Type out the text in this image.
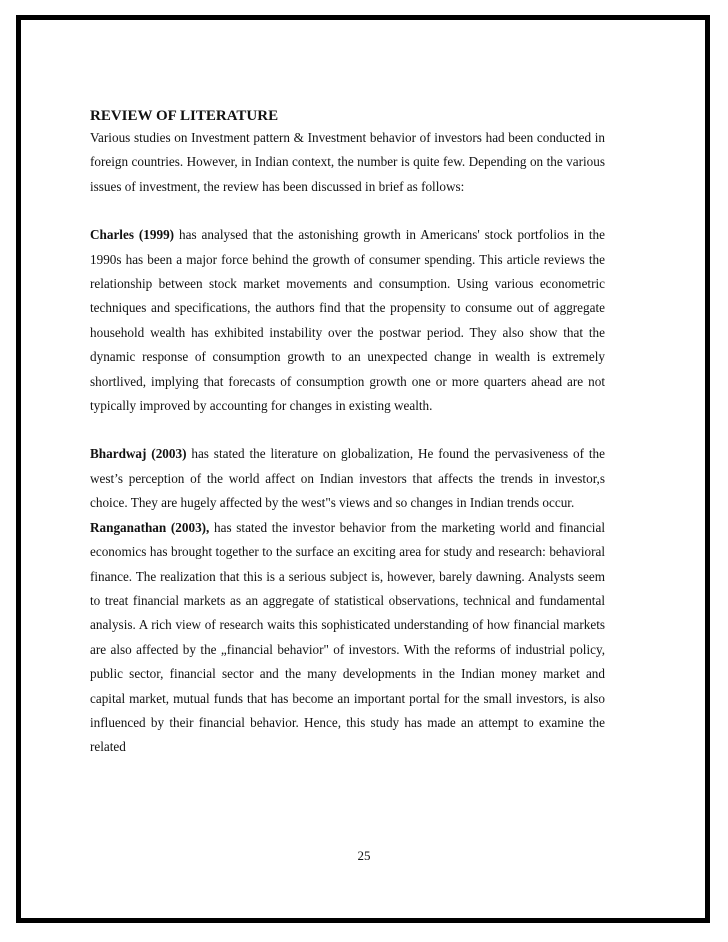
REVIEW OF LITERATURE

Various studies on Investment pattern & Investment behavior of investors had been conducted in foreign countries. However, in Indian context, the number is quite few. Depending on the various issues of investment, the review has been discussed in brief as follows:

Charles (1999) has analysed that the astonishing growth in Americans' stock portfolios in the 1990s has been a major force behind the growth of consumer spending. This article reviews the relationship between stock market movements and consumption. Using various econometric techniques and specifications, the authors find that the propensity to consume out of aggregate household wealth has exhibited instability over the postwar period. They also show that the dynamic response of consumption growth to an unexpected change in wealth is extremely shortlived, implying that forecasts of consumption growth one or more quarters ahead are not typically improved by accounting for changes in existing wealth.

Bhardwaj (2003) has stated the literature on globalization, He found the pervasiveness of the west’s perception of the world affect on Indian investors that affects the trends in investor,s choice. They are hugely affected by the west"s views and so changes in Indian trends occur.

Ranganathan (2003), has stated the investor behavior from the marketing world and financial economics has brought together to the surface an exciting area for study and research: behavioral finance. The realization that this is a serious subject is, however, barely dawning. Analysts seem to treat financial markets as an aggregate of statistical observations, technical and fundamental analysis. A rich view of research waits this sophisticated understanding of how financial markets are also affected by the „financial behavior" of investors. With the reforms of industrial policy, public sector, financial sector and the many developments in the Indian money market and capital market, mutual funds that has become an important portal for the small investors, is also influenced by their financial behavior. Hence, this study has made an attempt to examine the related

25
